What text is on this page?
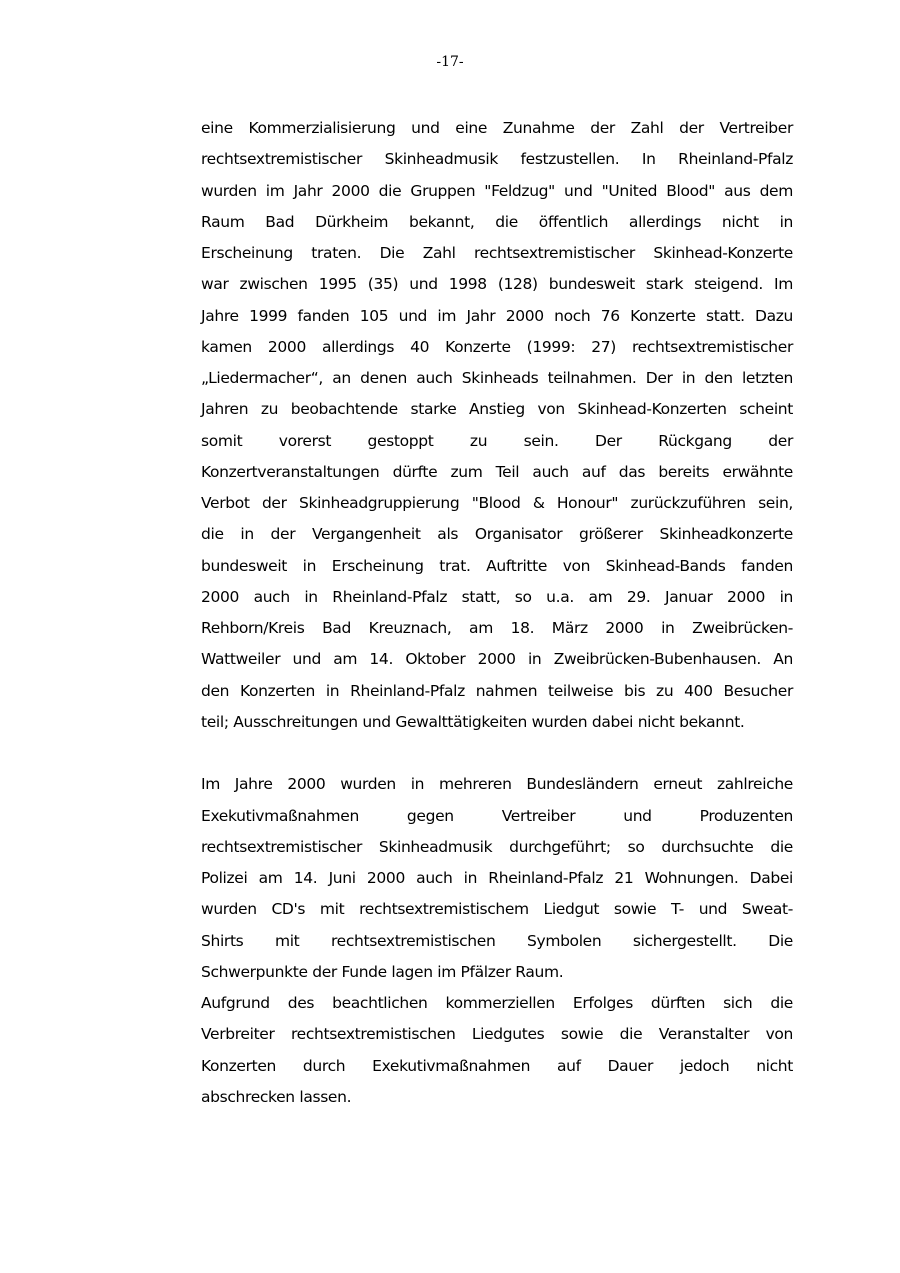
-17-
eine Kommerzialisierung und eine Zunahme der Zahl der Vertreiber
rechtsextremistischer Skinheadmusik festzustellen. In Rheinland-Pfalz
wurden im Jahr 2000 die Gruppen "Feldzug" und "United Blood" aus dem
Raum Bad Dürkheim bekannt, die öffentlich allerdings nicht in
Erscheinung traten. Die Zahl rechtsextremistischer Skinhead-Konzerte
war zwischen 1995 (35) und 1998 (128) bundesweit stark steigend. Im
Jahre 1999 fanden 105 und im Jahr 2000 noch 76 Konzerte statt. Dazu
kamen 2000 allerdings 40 Konzerte (1999: 27) rechtsextremistischer
„Liedermacher“, an denen auch Skinheads teilnahmen. Der in den letzten
Jahren zu beobachtende starke Anstieg von Skinhead-Konzerten scheint
somit vorerst gestoppt zu sein. Der Rückgang der
Konzertveranstaltungen dürfte zum Teil auch auf das bereits erwähnte
Verbot der Skinheadgruppierung "Blood & Honour" zurückzuführen sein,
die in der Vergangenheit als Organisator größerer Skinheadkonzerte
bundesweit in Erscheinung trat. Auftritte von Skinhead-Bands fanden
2000 auch in Rheinland-Pfalz statt, so u.a. am 29. Januar 2000 in
Rehborn/Kreis Bad Kreuznach, am 18. März 2000 in Zweibrücken-
Wattweiler und am 14. Oktober 2000 in Zweibrücken-Bubenhausen. An
den Konzerten in Rheinland-Pfalz nahmen teilweise bis zu 400 Besucher
teil; Ausschreitungen und Gewalttätigkeiten wurden dabei nicht bekannt.
Im Jahre 2000 wurden in mehreren Bundesländern erneut zahlreiche
Exekutivmaßnahmen gegen Vertreiber und Produzenten
rechtsextremistischer Skinheadmusik durchgeführt; so durchsuchte die
Polizei am 14. Juni 2000 auch in Rheinland-Pfalz 21 Wohnungen. Dabei
wurden CD's mit rechtsextremistischem Liedgut sowie T- und Sweat-
Shirts mit rechtsextremistischen Symbolen sichergestellt. Die
Schwerpunkte der Funde lagen im Pfälzer Raum.
Aufgrund des beachtlichen kommerziellen Erfolges dürften sich die
Verbreiter rechtsextremistischen Liedgutes sowie die Veranstalter von
Konzerten durch Exekutivmaßnahmen auf Dauer jedoch nicht
abschrecken lassen.
